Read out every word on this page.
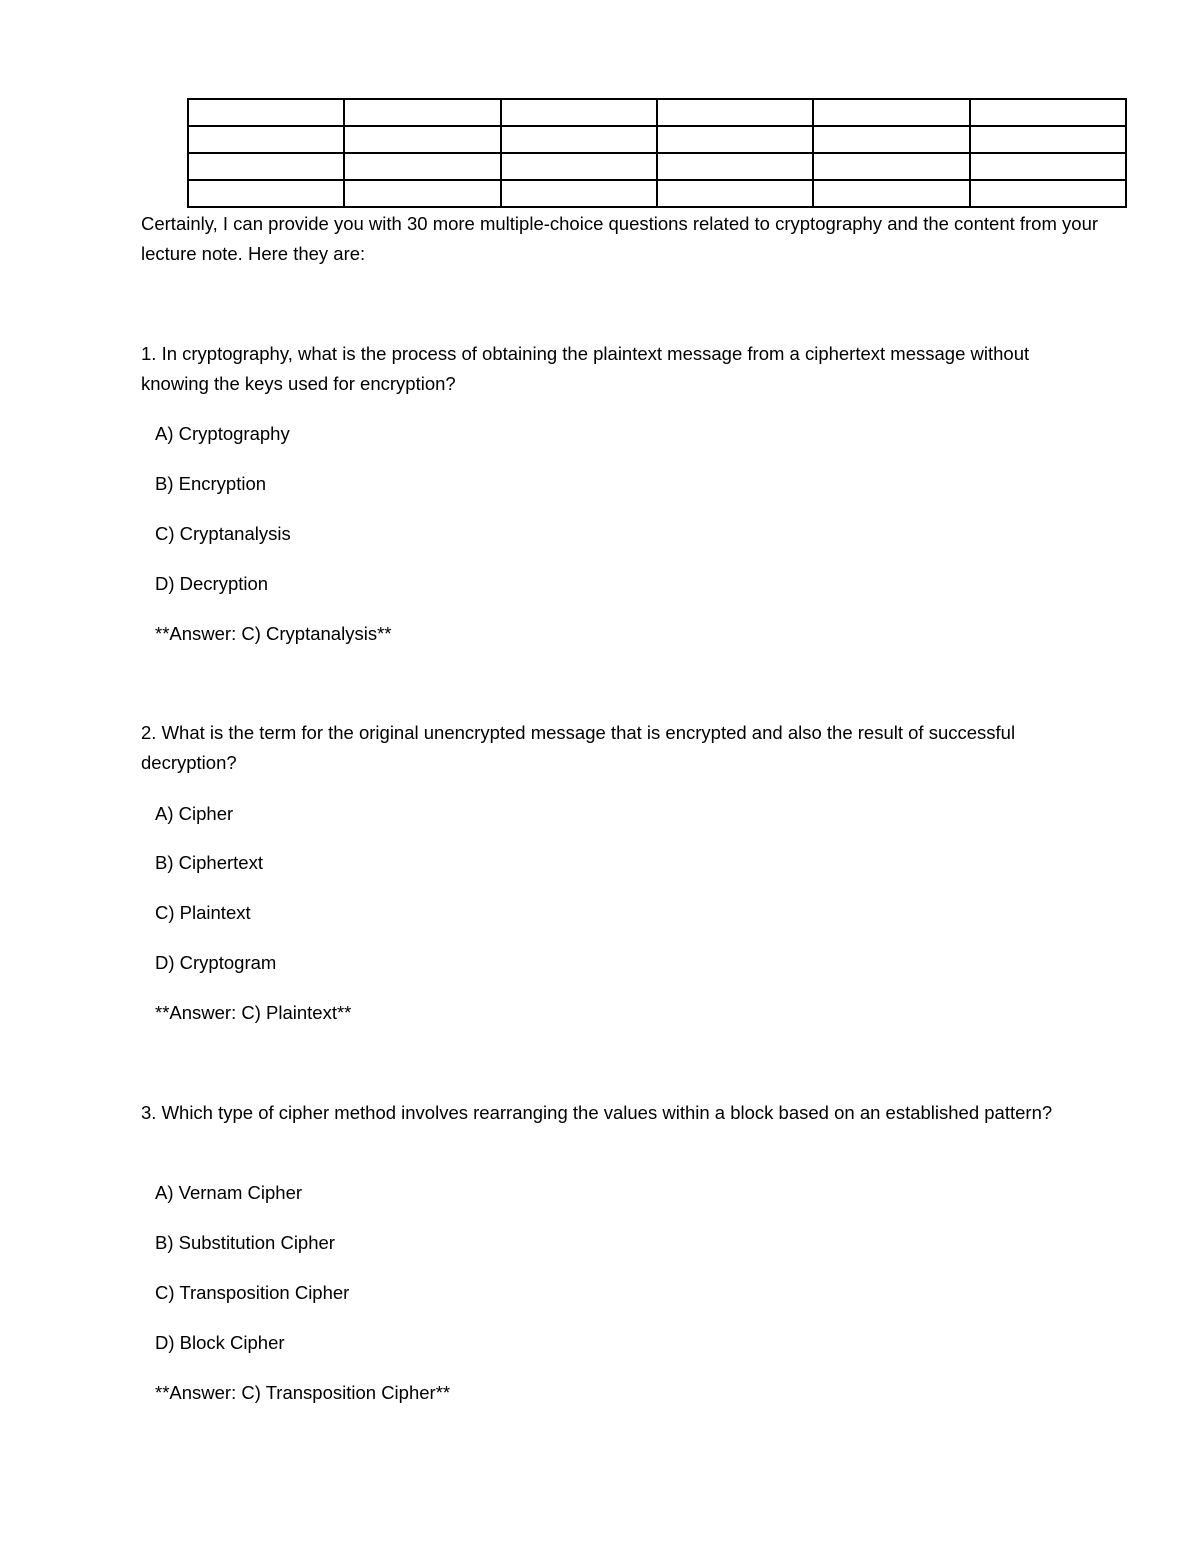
Certainly, I can provide you with 30 more multiple-choice questions related to cryptography and the content from your lecture note. Here they are:

1. In cryptography, what is the process of obtaining the plaintext message from a ciphertext message without knowing the keys used for encryption?

A) Cryptography

B) Encryption

C) Cryptanalysis

D) Decryption

**Answer: C) Cryptanalysis**

2. What is the term for the original unencrypted message that is encrypted and also the result of successful decryption?

A) Cipher

B) Ciphertext

C) Plaintext

D) Cryptogram

**Answer: C) Plaintext**

3. Which type of cipher method involves rearranging the values within a block based on an established pattern?

A) Vernam Cipher

B) Substitution Cipher

C) Transposition Cipher

D) Block Cipher

**Answer: C) Transposition Cipher**
